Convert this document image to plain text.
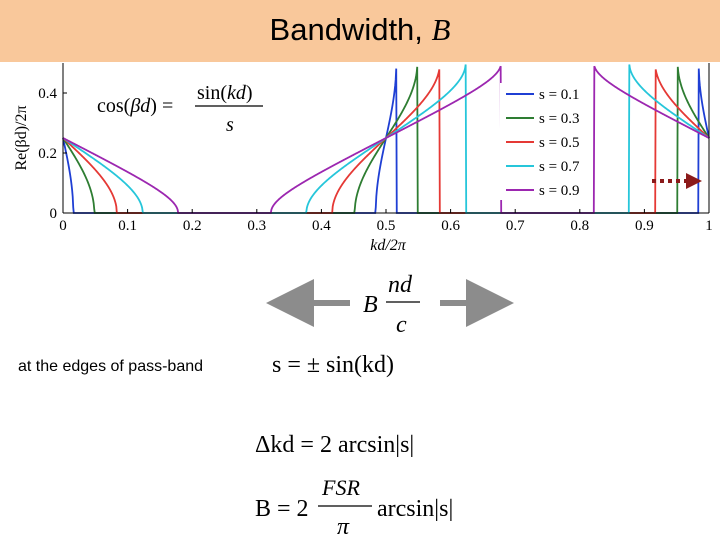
Bandwidth, B
0	0.1	0.2	0.3	0.4	0.5	0.6	0.7	0.8	0.9	1
0
0.2
0.4
kd/2π
Re(βd)/2π
s = 0.1
s = 0.3
s = 0.5
s = 0.7
s = 0.9
cos(βd) =
sin(kd)
s
B
nd
c
s = ± sin(kd)
Δkd = 2 arcsin|s|
B = 2
FSR
π
arcsin|s|
at the edges of pass-band
